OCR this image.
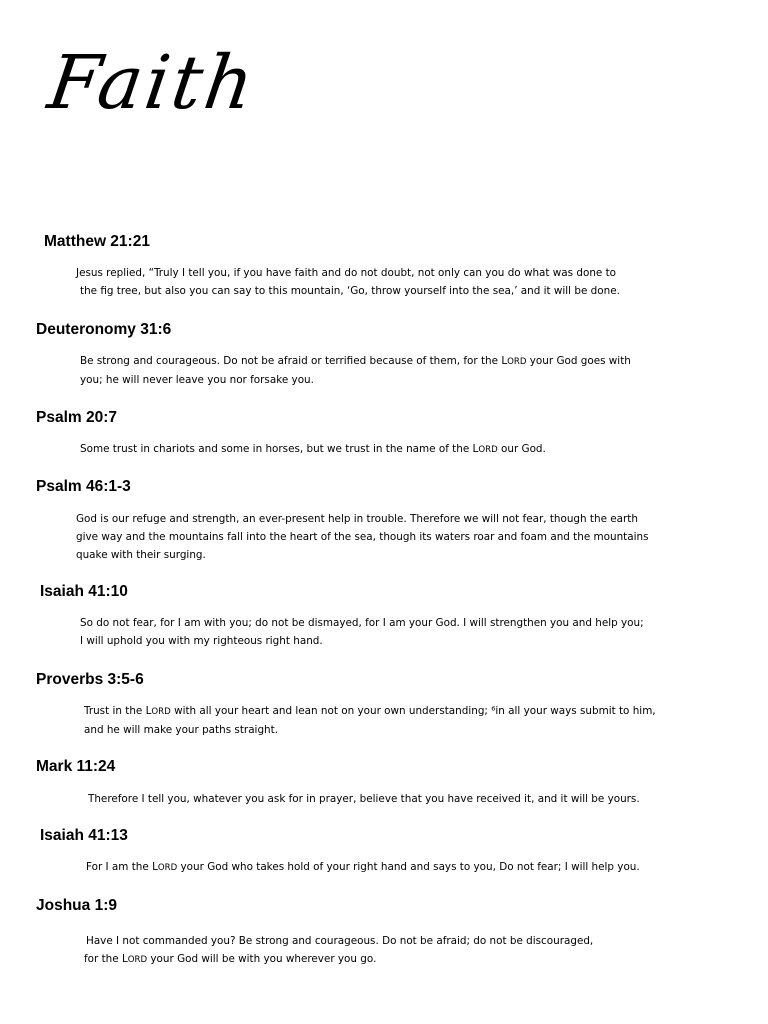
Faith
Matthew 21:21

Jesus replied, “Truly I tell you, if you have faith and do not doubt, not only can you do what was done to
the fig tree, but also you can say to this mountain, ‘Go, throw yourself into the sea,’ and it will be done.

Deuteronomy 31:6

Be strong and courageous. Do not be afraid or terrified because of them, for the LORD your God goes with
you; he will never leave you nor forsake you.

Psalm 20:7

Some trust in chariots and some in horses, but we trust in the name of the LORD our God.

Psalm 46:1-3

God is our refuge and strength, an ever-present help in trouble. Therefore we will not fear, though the earth
give way and the mountains fall into the heart of the sea, though its waters roar and foam and the mountains
quake with their surging.

Isaiah 41:10

So do not fear, for I am with you; do not be dismayed, for I am your God. I will strengthen you and help you;
I will uphold you with my righteous right hand.

Proverbs 3:5-6

Trust in the LORD with all your heart and lean not on your own understanding; ⁶in all your ways submit to him,
and he will make your paths straight.

Mark 11:24

Therefore I tell you, whatever you ask for in prayer, believe that you have received it, and it will be yours.

Isaiah 41:13

For I am the LORD your God who takes hold of your right hand and says to you, Do not fear; I will help you.

Joshua 1:9

Have I not commanded you? Be strong and courageous. Do not be afraid; do not be discouraged,
for the LORD your God will be with you wherever you go.
